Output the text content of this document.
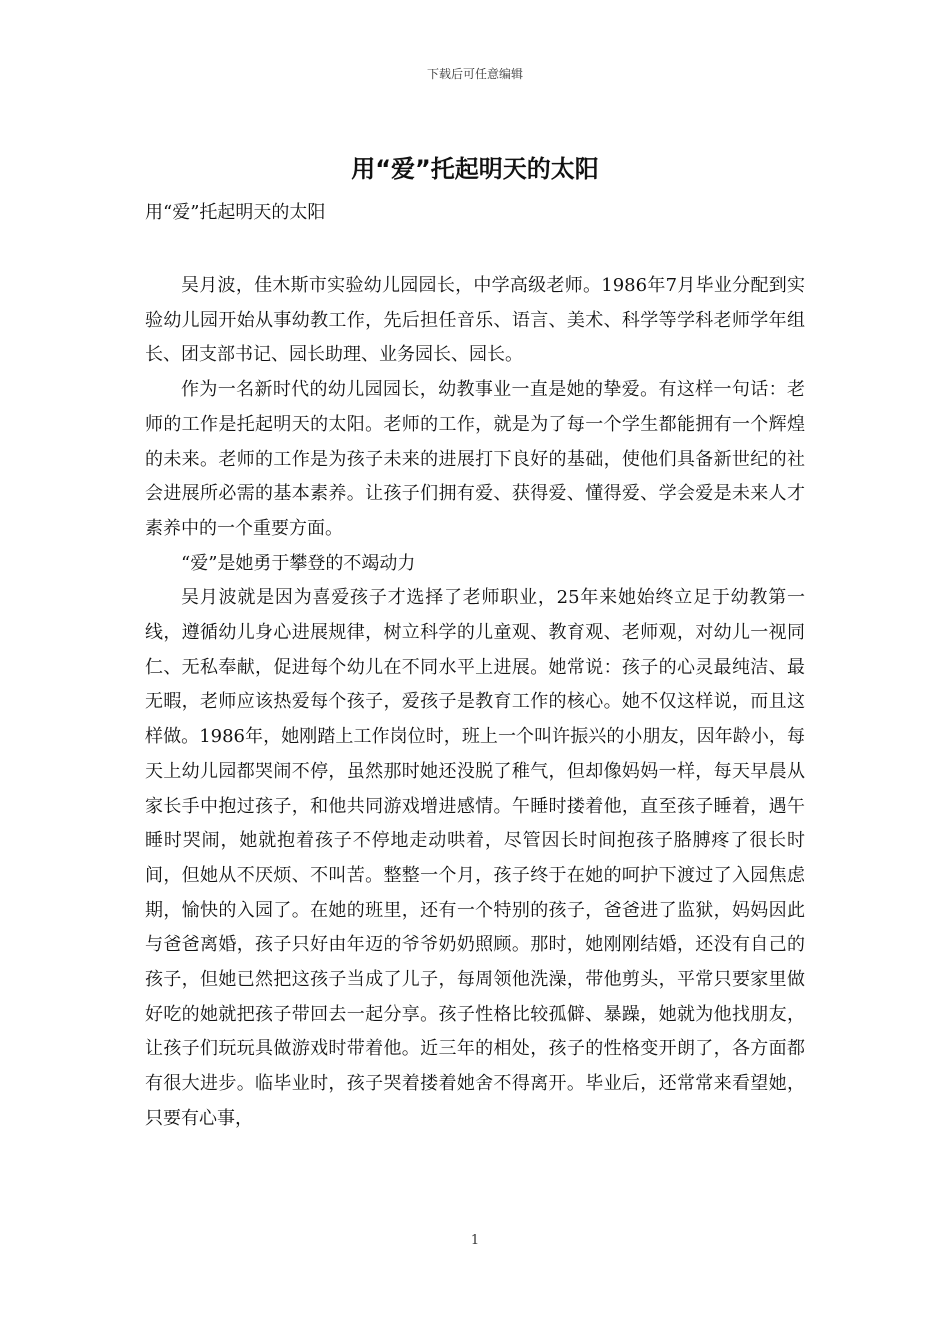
下载后可任意编辑
用“爱”托起明天的太阳

用“爱”托起明天的太阳

吴月波，佳木斯市实验幼儿园园长，中学高级老师。1986年7月毕业分配到实验幼儿园开始从事幼教工作，先后担任音乐、语言、美术、科学等学科老师学年组长、团支部书记、园长助理、业务园长、园长。

作为一名新时代的幼儿园园长，幼教事业一直是她的挚爱。有这样一句话：老师的工作是托起明天的太阳。老师的工作，就是为了每一个学生都能拥有一个辉煌的未来。老师的工作是为孩子未来的进展打下良好的基础，使他们具备新世纪的社会进展所必需的基本素养。让孩子们拥有爱、获得爱、懂得爱、学会爱是未来人才素养中的一个重要方面。

“爱”是她勇于攀登的不竭动力

吴月波就是因为喜爱孩子才选择了老师职业，25年来她始终立足于幼教第一线，遵循幼儿身心进展规律，树立科学的儿童观、教育观、老师观，对幼儿一视同仁、无私奉献，促进每个幼儿在不同水平上进展。她常说：孩子的心灵最纯洁、最无暇，老师应该热爱每个孩子，爱孩子是教育工作的核心。她不仅这样说，而且这样做。1986年，她刚踏上工作岗位时，班上一个叫许振兴的小朋友，因年龄小，每天上幼儿园都哭闹不停，虽然那时她还没脱了稚气，但却像妈妈一样，每天早晨从家长手中抱过孩子，和他共同游戏增进感情。午睡时搂着他，直至孩子睡着，遇午睡时哭闹，她就抱着孩子不停地走动哄着，尽管因长时间抱孩子胳膊疼了很长时间，但她从不厌烦、不叫苦。整整一个月，孩子终于在她的呵护下渡过了入园焦虑期，愉快的入园了。在她的班里，还有一个特别的孩子，爸爸进了监狱，妈妈因此与爸爸离婚，孩子只好由年迈的爷爷奶奶照顾。那时，她刚刚结婚，还没有自己的孩子，但她已然把这孩子当成了儿子，每周领他洗澡，带他剪头，平常只要家里做好吃的她就把孩子带回去一起分享。孩子性格比较孤僻、暴躁，她就为他找朋友，让孩子们玩玩具做游戏时带着他。近三年的相处，孩子的性格变开朗了，各方面都有很大进步。临毕业时，孩子哭着搂着她舍不得离开。毕业后，还常常来看望她，只要有心事，

1
